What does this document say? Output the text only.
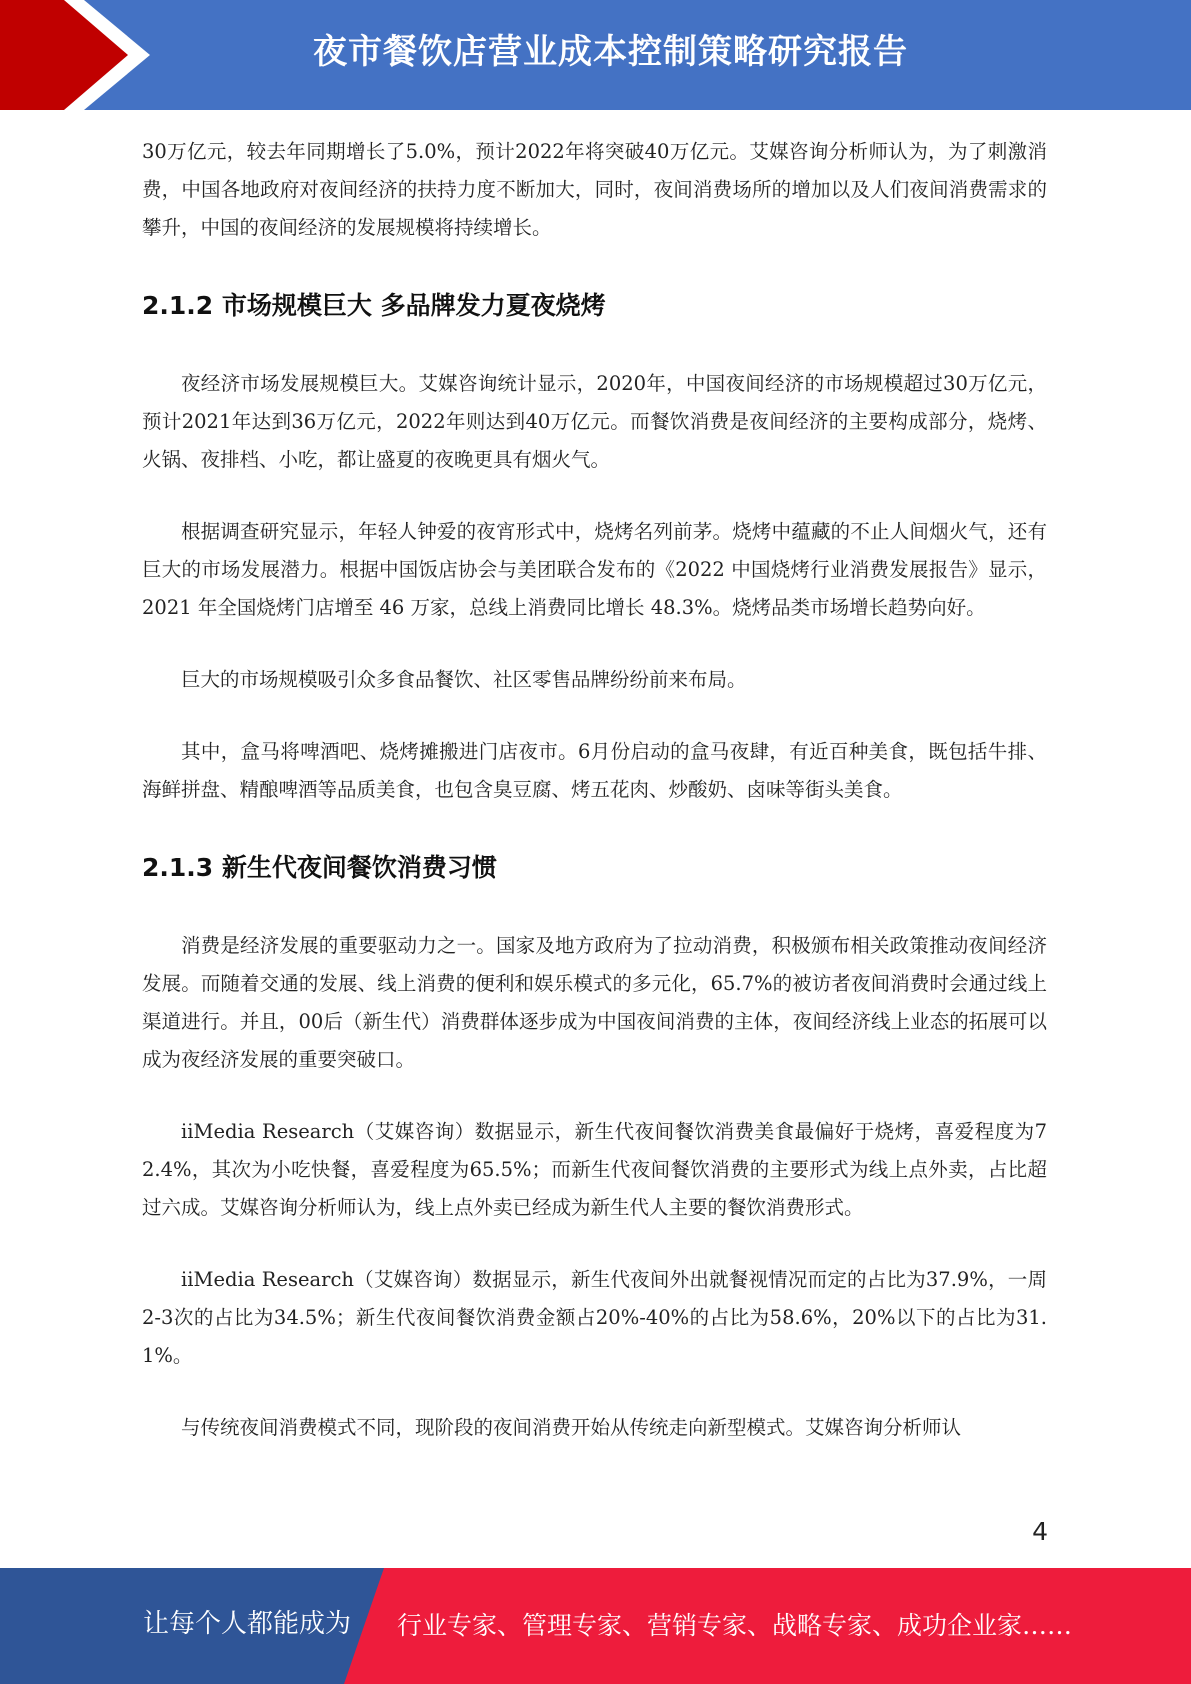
夜市餐饮店营业成本控制策略研究报告

30万亿元，较去年同期增长了5.0%，预计2022年将突破40万亿元。艾媒咨询分析师认为，为了刺激消费，中国各地政府对夜间经济的扶持力度不断加大，同时，夜间消费场所的增加以及人们夜间消费需求的攀升，中国的夜间经济的发展规模将持续增长。

2.1.2 市场规模巨大 多品牌发力夏夜烧烤

夜经济市场发展规模巨大。艾媒咨询统计显示，2020年，中国夜间经济的市场规模超过30万亿元，预计2021年达到36万亿元，2022年则达到40万亿元。而餐饮消费是夜间经济的主要构成部分，烧烤、火锅、夜排档、小吃，都让盛夏的夜晚更具有烟火气。

根据调查研究显示，年轻人钟爱的夜宵形式中，烧烤名列前茅。烧烤中蕴藏的不止人间烟火气，还有巨大的市场发展潜力。根据中国饭店协会与美团联合发布的《2022 中国烧烤行业消费发展报告》显示，2021 年全国烧烤门店增至 46 万家，总线上消费同比增长 48.3%。烧烤品类市场增长趋势向好。

巨大的市场规模吸引众多食品餐饮、社区零售品牌纷纷前来布局。

其中，盒马将啤酒吧、烧烤摊搬进门店夜市。6月份启动的盒马夜肆，有近百种美食，既包括牛排、海鲜拼盘、精酿啤酒等品质美食，也包含臭豆腐、烤五花肉、炒酸奶、卤味等街头美食。

2.1.3 新生代夜间餐饮消费习惯

消费是经济发展的重要驱动力之一。国家及地方政府为了拉动消费，积极颁布相关政策推动夜间经济发展。而随着交通的发展、线上消费的便利和娱乐模式的多元化，65.7%的被访者夜间消费时会通过线上渠道进行。并且，00后（新生代）消费群体逐步成为中国夜间消费的主体，夜间经济线上业态的拓展可以成为夜经济发展的重要突破口。

iiMedia Research（艾媒咨询）数据显示，新生代夜间餐饮消费美食最偏好于烧烤，喜爱程度为72.4%，其次为小吃快餐，喜爱程度为65.5%；而新生代夜间餐饮消费的主要形式为线上点外卖，占比超过六成。艾媒咨询分析师认为，线上点外卖已经成为新生代人主要的餐饮消费形式。

iiMedia Research（艾媒咨询）数据显示，新生代夜间外出就餐视情况而定的占比为37.9%，一周2-3次的占比为34.5%；新生代夜间餐饮消费金额占20%-40%的占比为58.6%，20%以下的占比为31.1%。

与传统夜间消费模式不同，现阶段的夜间消费开始从传统走向新型模式。艾媒咨询分析师认

4
让每个人都能成为 行业专家、管理专家、营销专家、战略专家、成功企业家……
